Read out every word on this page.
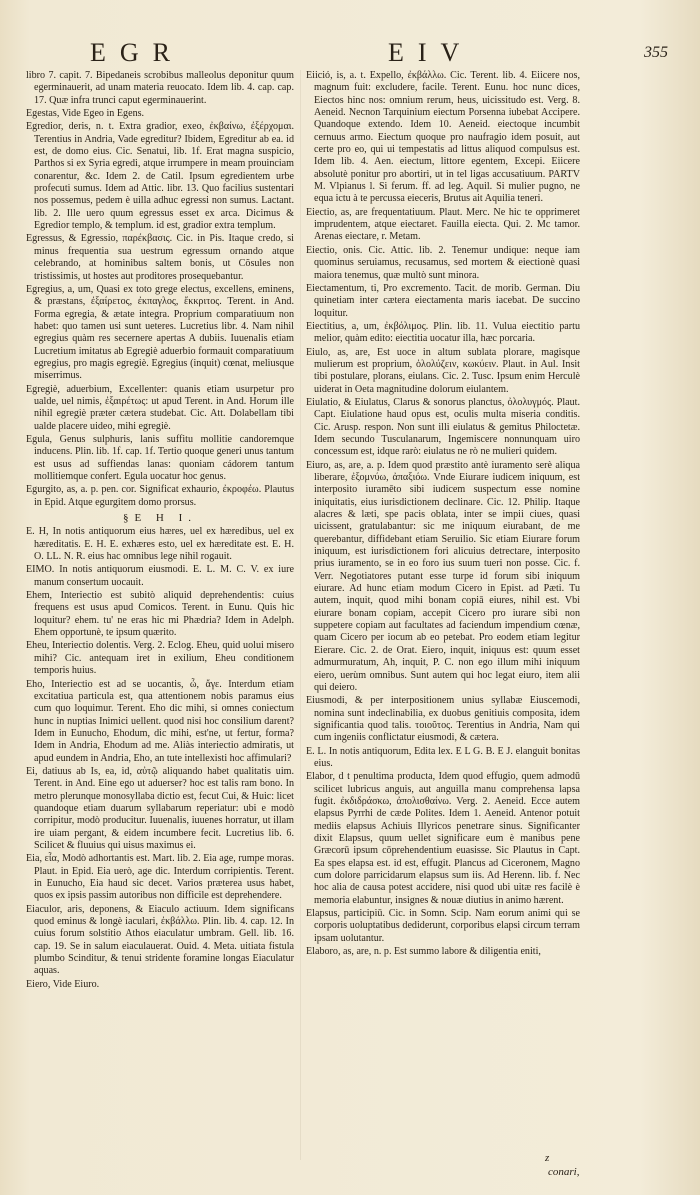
EGR	EIV	355

libro 7. capit. 7. Bipedaneis scrobibus malleolus deponitur quum egerminauerit, ad unam materia reuocato. Idem lib. 4. cap. cap. 17. Quæ infra trunci caput egerminauerint.

Egestas, Vide Egeo in Egens.

Egredior, deris, n. t. Extra gradior, exeo, ἐκβαίνω, ἐξέρχομαι. Terentius in Andria, Vade egreditur? Ibidem, Egreditur ab ea. id est, de domo eius. Cic. Senatui, lib. 1f. Erat magna suspicio, Parthos si ex Syria egredi, atque irrumpere in meam prouinciam conarentur, &c. Idem 2. de Catil. Ipsum egredientem urbe profecuti sumus. Idem ad Attic. libr. 13. Quo facilius sustentari nos possemus, pedem è uilla adhuc egressi non sumus. Lactant. lib. 2. Ille uero quum egressus esset ex arca. Dicimus & Egredior templo, & templum. id est, gradior extra templum.

Egressus, & Egressio, παρέκβασις. Cic. in Pis. Itaque credo, si minus frequentia sua uestrum egressum ornando atque celebrando, at hominibus saltem bonis, ut Cõsules non tristissimis, ut hostes aut proditores prosequebantur.

Egregius, a, um, Quasi ex toto grege electus, excellens, eminens, & præstans, ἐξαίρετος, ἐκπαγλος, ἔκκριτος. Terent. in And. Forma egregia, & ætate integra. Proprium comparatiuum non habet: quo tamen usi sunt ueteres. Lucretius libr. 4. Nam nihil egregius quàm res secernere apertas A dubiis. Iuuenalis etiam Lucretium imitatus ab Egregiè aduerbio formauit comparatiuum egregius, pro magis egregiè. Egregius (inquit) cœnat, meliusque miserrimus.

Egregiè, aduerbium, Excellenter: quanis etiam usurpetur pro ualde, uel nimis, ἐξαιρέτως: ut apud Terent. in And. Horum ille nihil egregiè præter cætera studebat. Cic. Att. Dolabellam tibi ualde placere uideo, mihi egregiè.

Egula, Genus sulphuris, lanis suffitu mollitie candoremque inducens. Plin. lib. 1f. cap. 1f. Tertio quoque generi unus tantum est usus ad suffiendas lanas: quoniam cádorem tantum mollitiemque confert. Egula uocatur hoc genus.

Egurgito, as, a. p. pen. cor. Significat exhaurio, ἐκροφέω. Plautus in Epid. Atque egurgitem domo prorsus.

§E H I.

E. H, In notis antiquorum eius hæres, uel ex hæredibus, uel ex hæreditatis. E. H. E. exhæres esto, uel ex hæreditate est. E. H. O. LL. N. R. eius hac omnibus lege nihil rogauit.

EIMO. In notis antiquorum eiusmodi. E. L. M. C. V. ex iure manum consertum uocauit.

Ehem, Interiectio est subitò aliquid deprehendentis: cuius frequens est usus apud Comicos. Terent. in Eunu. Quis hic loquitur? ehem. tu' ne eras hic mi Phædria? Idem in Adelph. Ehem opportunè, te ipsum quærito.

Eheu, Interiectio dolentis. Verg. 2. Eclog. Eheu, quid uolui misero mihi? Cic. antequam iret in exilium, Eheu conditionem temporis huius.

Eho, Interiectio est ad se uocantis, ὦ, ἄγε. Interdum etiam excitatiua particula est, qua attentionem nobis paramus eius cum quo loquimur. Terent. Eho dic mihi, si omnes coniectum hunc in nuptias Inimici uellent. quod nisi hoc consilium darent? Idem in Eunucho, Ehodum, dic mihi, est'ne, ut fertur, forma? Idem in Andria, Ehodum ad me. Aliàs interiectio admiratis, ut apud eundem in Andria, Eho, an tute intellexisti hoc affimulari?

Ei, datiuus ab Is, ea, id, αὐτῷ aliquando habet qualitatis uim. Terent. in And. Eine ego ut aduerser? hoc est talis ram bono. In metro plerunque monosyllaba dictio est, fecut Cui, & Huic: licet quandoque etiam duarum syllabarum reperiatur: ubi e modò corripitur, modò producitur. Iuuenalis, iuuenes horratur, ut illam ire uiam pergant, & eidem incumbere fecit. Lucretius lib. 6. Scilicet & fluuius qui uisus maximus ei.

Eia, εἶα, Modò adhortantis est. Mart. lib. 2. Eia age, rumpe moras. Plaut. in Epid. Eia uerò, age dic. Interdum corripientis. Terent. in Eunucho, Eia haud sic decet. Varios præterea usus habet, quos ex ipsis passim autoribus non difficile est deprehendere.

Eiaculor, aris, deponens, & Eiaculo actiuum. Idem significans quod eminus & longè iaculari, ἐκβάλλω. Plin. lib. 4. cap. 12. In cuius forum solstitio Athos eiaculatur umbram. Gell. lib. 16. cap. 19. Se in salum eiaculauerat. Ouid. 4. Meta. uitiata fistula plumbo Scinditur, & tenui stridente foramine longas Eiaculatur aquas.

Eiero, Vide Eiuro.

Eiició, is, a. t. Expello, ἐκβάλλω. Cic. Terent. lib. 4. Eiicere nos, magnum fuit: excludere, facile. Terent. Eunu. hoc nunc dices, Eiectos hinc nos: omnium rerum, heus, uicissitudo est. Verg. 8. Aeneid. Necnon Tarquinium eiectum Porsenna iubebat Accipere. Quandoque extendo. Idem 10. Aeneid. eiectoque incumbit cernuus armo. Eiectum quoque pro naufragio idem posuit, aut certe pro eo, qui ui tempestatis ad littus aliquod compulsus est. Idem lib. 4. Aen. eiectum, littore egentem, Excepi. Eiicere absolutè ponitur pro abortiri, ut in tel ligas accusatiuum. PARTV M. Vlpianus l. Si ferum. ff. ad leg. Aquil. Si mulier pugno, ne equa ictu à te percussa eieceris, Brutus ait Aquilia teneri.

Eiectio, as, are frequentatiuum. Plaut. Merc. Ne hic te opprimeret imprudentem, atque eiectaret. Fauilla eiecta. Qui. 2. Mc tamor. Arenas eiectare, r. Metam.

Eiectio, onis. Cic. Attic. lib. 2. Tenemur undique: neque iam quominus seruiamus, recusamus, sed mortem & eiectionè quasi maiora tenemus, quæ multò sunt minora.

Eiectamentum, ti, Pro excremento. Tacit. de morib. German. Diu quinetiam inter cætera eiectamenta maris iacebat. De succino loquitur.

Eiectitius, a, um, ἐκβόλιμος. Plin. lib. 11. Vulua eiectitio partu melior, quàm edito: eiectitia uocatur illa, hæc porcaria.

Eiulo, as, are, Est uoce in altum sublata plorare, magisque mulierum est proprium, ὀλολύζειν, κωκύειν. Plaut. in Aul. Insit tibi postulare, plorans, eiulans. Cic. 2. Tusc. Ipsum enim Herculè uiderat in Oeta magnitudine dolorum eiulantem.

Eiulatio, & Eiulatus, Clarus & sonorus planctus, ὀλολυγμός. Plaut. Capt. Eiulatione haud opus est, oculis multa miseria conditis. Cic. Arusp. respon. Non sunt illi eiulatus & gemitus Philoctetæ. Idem secundo Tusculanarum, Ingemiscere nonnunquam uiro concessum est, idque rarò: eiulatus ne rò ne mulieri quidem.

Eiuro, as, are, a. p. Idem quod præstito antè iuramento serè aliqua liberare, ἐξομνύω, ἀπαξιόω. Vnde Eiurare iudicem iniquum, est interposito iuramēto sibi iudicem suspectum esse nomine iniquitatis, eius iurisdictionem declinare. Cic. 12. Philip. Itaque alacres & læti, spe pacis oblata, inter se impii ciues, quasi uicissent, gratulabantur: sic me iniquum eiurabant, de me querebantur, diffidebant etiam Seruilio. Sic etiam Eiurare forum iniquum, est iurisdictionem fori alicuius detrectare, interposito prius iuramento, se in eo foro ius suum tueri non posse. Cic. f. Verr. Negotiatores putant esse turpe id forum sibi iniquum eiurare. Ad hunc etiam modum Cicero in Epist. ad Pæti. Tu autem, inquit, quod mihi bonam copiā eiures, nihil est. Vbi eiurare bonam copiam, accepit Cicero pro iurare sibi non suppetere copiam aut facultates ad faciendum impendium cœnæ, quam Cicero per iocum ab eo petebat. Pro eodem etiam legitur Eierare. Cic. 2. de Orat. Eiero, inquit, iniquus est: quum esset admurmuratum, Ah, inquit, P. C. non ego illum mihi iniquum eiero, uerùm omnibus. Sunt autem qui hoc legat eiuro, item alii qui deiero.

Eiusmodi, & per interpositionem unius syllabæ Eiuscemodi, nomina sunt indeclinabilia, ex duobus genitiuis composita, idem significantia quod talis. τοιοῦτος. Terentius in Andria, Nam qui cum ingeniis conflictatur eiusmodi, & cætera.

E. L. In notis antiquorum, Edita lex. E L G. B. E J. elanguit bonitas eius.

Elabor, d t penultima producta, Idem quod effugio, quem admodū scilicet lubricus anguis, aut anguilla manu comprehensa lapsa fugit. ἐκδιδράσκω, ἀπολισθαίνω. Verg. 2. Aeneid. Ecce autem elapsus Pyrrhi de cæde Polites. Idem 1. Aeneid. Antenor potuit mediis elapsus Achiuis Illyricos penetrare sinus. Significanter dixit Elapsus, quum uellet significare eum è manibus pene Græcorū ipsum cōprehendentium euasisse. Sic Plautus in Capt. Ea spes elapsa est. id est, effugit. Plancus ad Ciceronem, Magno cum dolore parricidarum elapsus sum iis. Ad Herenn. lib. f. Nec hoc alia de causa potest accidere, nisi quod ubi uitæ res facilè è memoria elabuntur, insignes & nouæ diutius in animo hærent.

Elapsus, participiū. Cic. in Somn. Scip. Nam eorum animi qui se corporis uoluptatibus dediderunt, corporibus elapsi circum terram ipsam uolutantur.

Elaboro, as, are, n. p. Est summo labore & diligentia eniti,

z
conari,
